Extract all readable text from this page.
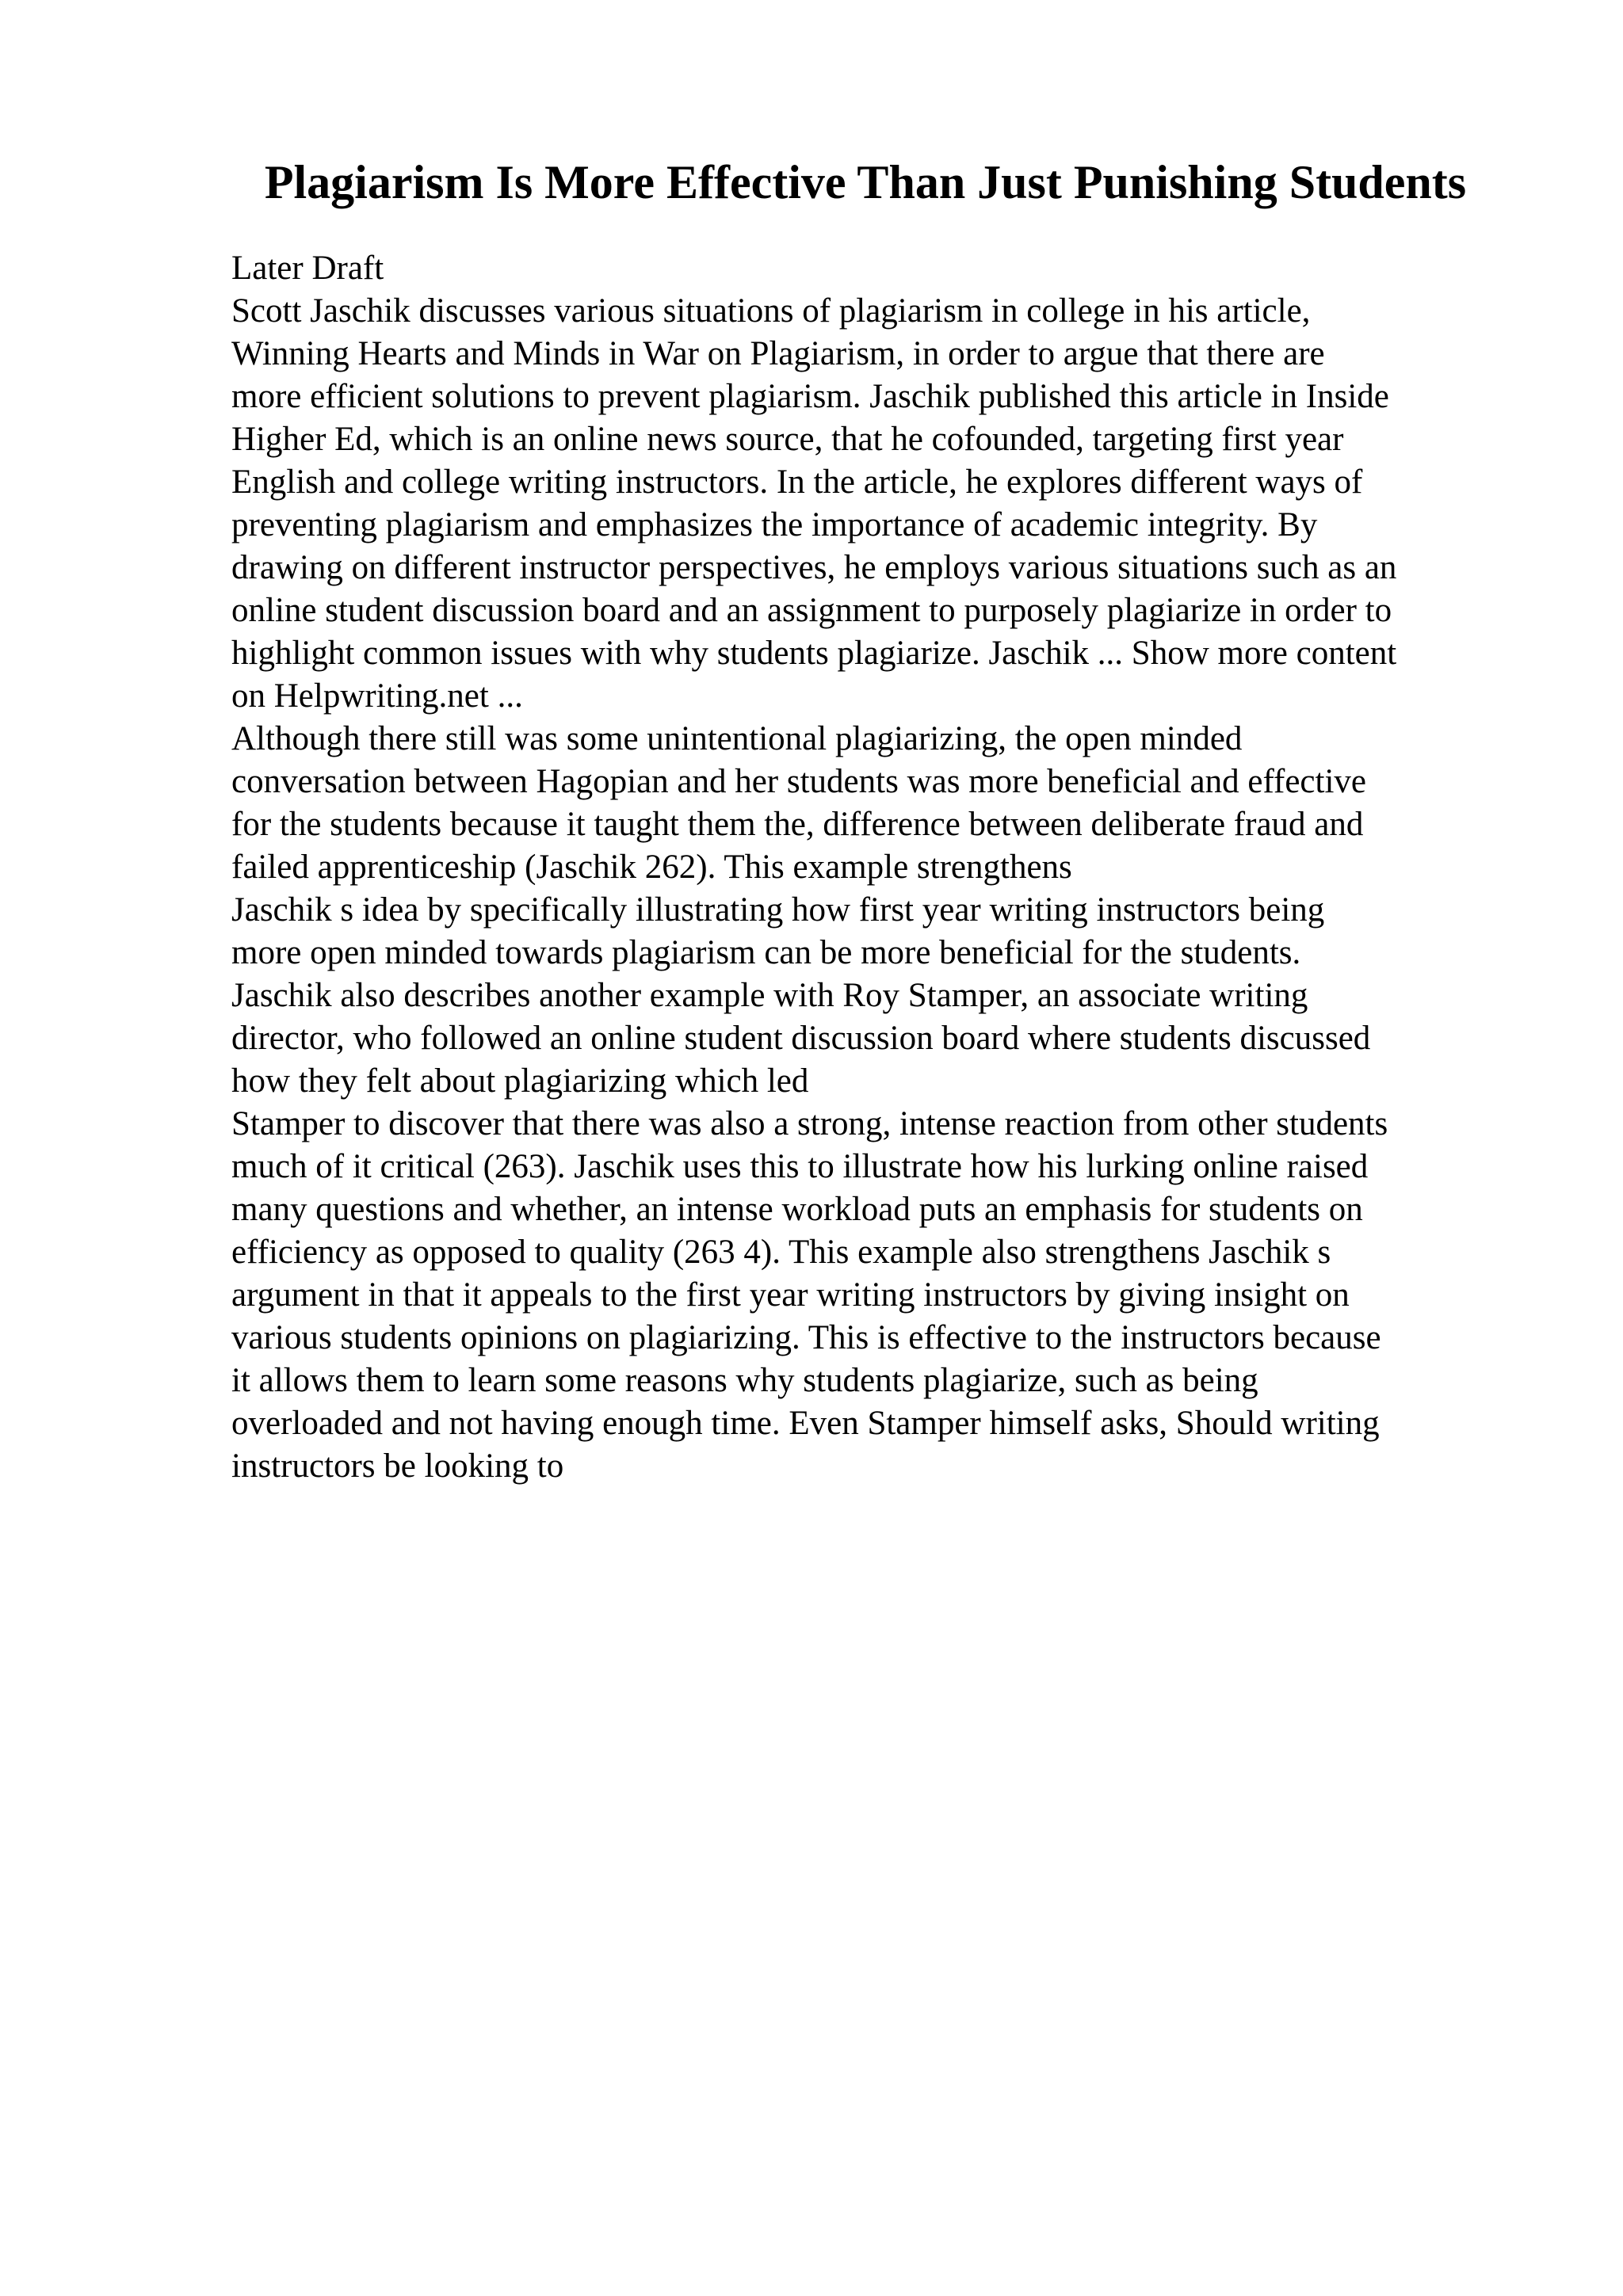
Plagiarism Is More Effective Than Just Punishing Students
Later Draft
Scott Jaschik discusses various situations of plagiarism in college in his article,
Winning Hearts and Minds in War on Plagiarism, in order to argue that there are
more efficient solutions to prevent plagiarism. Jaschik published this article in Inside
Higher Ed, which is an online news source, that he cofounded, targeting first year
English and college writing instructors. In the article, he explores different ways of
preventing plagiarism and emphasizes the importance of academic integrity. By
drawing on different instructor perspectives, he employs various situations such as an
online student discussion board and an assignment to purposely plagiarize in order to
highlight common issues with why students plagiarize. Jaschik ... Show more content
on Helpwriting.net ...
Although there still was some unintentional plagiarizing, the open minded
conversation between Hagopian and her students was more beneficial and effective
for the students because it taught them the, difference between deliberate fraud and
failed apprenticeship (Jaschik 262). This example strengthens
Jaschik s idea by specifically illustrating how first year writing instructors being
more open minded towards plagiarism can be more beneficial for the students.
Jaschik also describes another example with Roy Stamper, an associate writing
director, who followed an online student discussion board where students discussed
how they felt about plagiarizing which led
Stamper to discover that there was also a strong, intense reaction from other students
much of it critical (263). Jaschik uses this to illustrate how his lurking online raised
many questions and whether, an intense workload puts an emphasis for students on
efficiency as opposed to quality (263 4). This example also strengthens Jaschik s
argument in that it appeals to the first year writing instructors by giving insight on
various students opinions on plagiarizing. This is effective to the instructors because
it allows them to learn some reasons why students plagiarize, such as being
overloaded and not having enough time. Even Stamper himself asks, Should writing
instructors be looking to
